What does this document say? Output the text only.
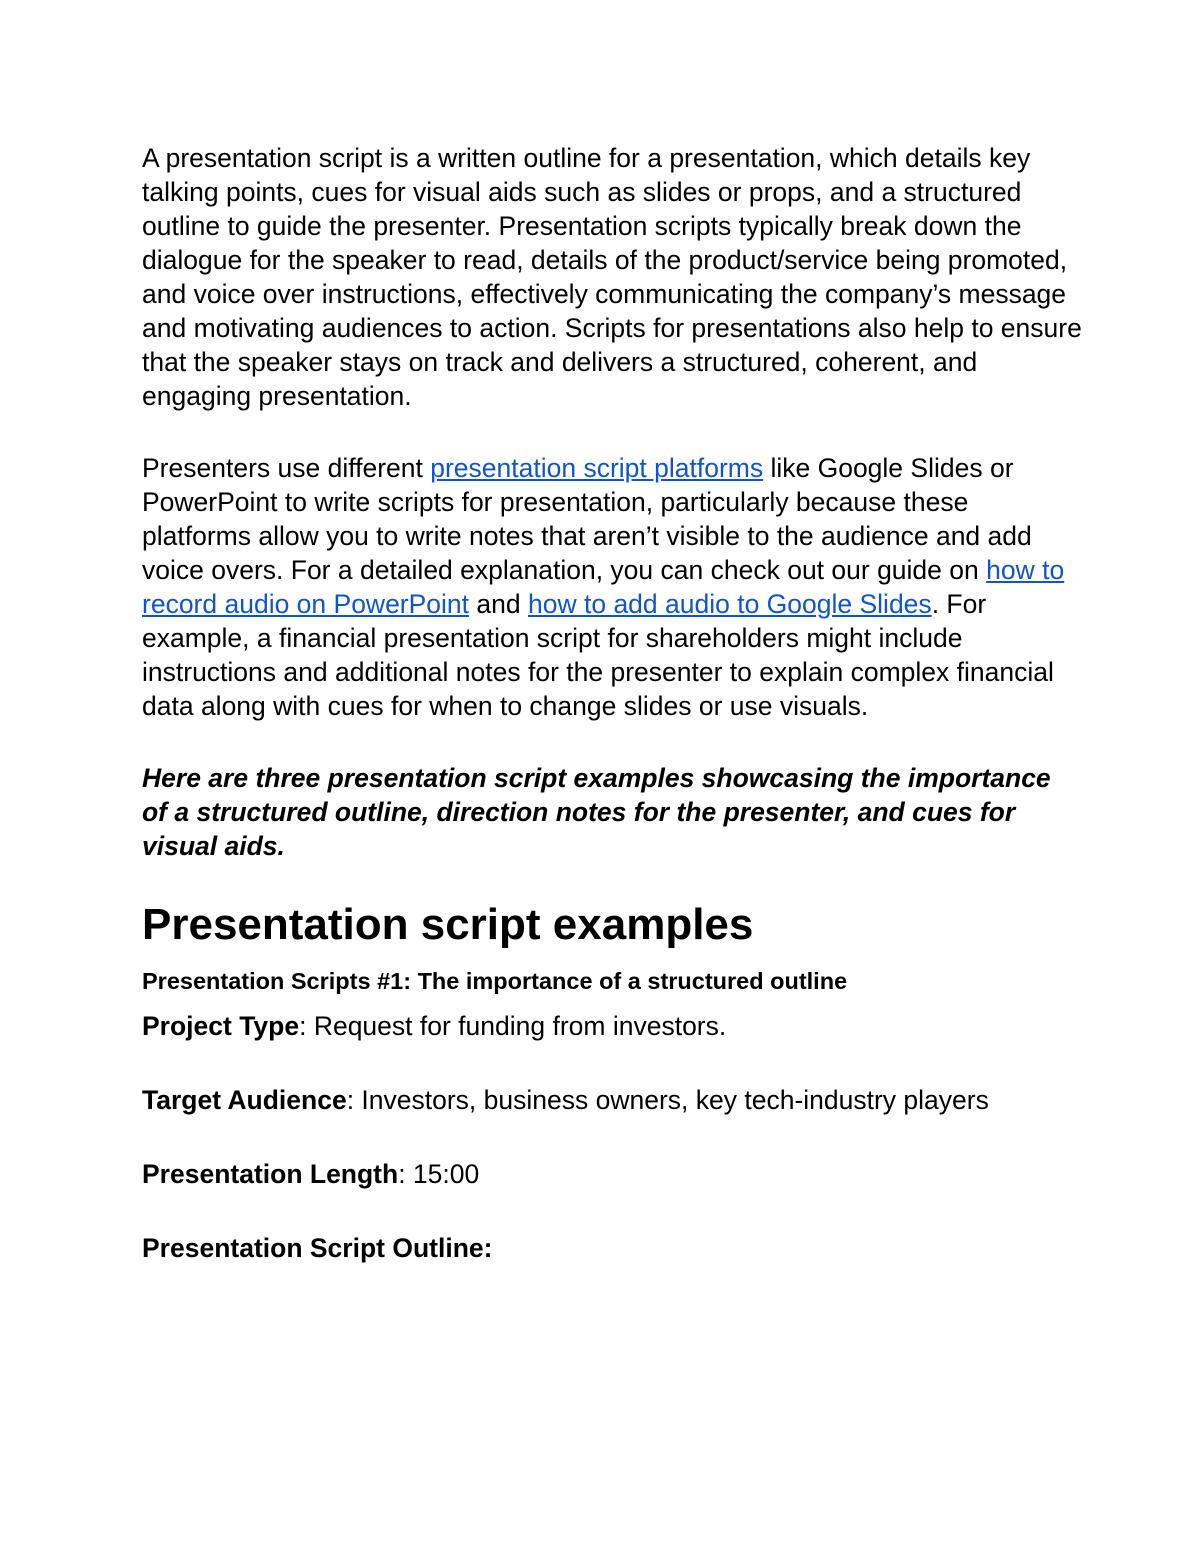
A presentation script is a written outline for a presentation, which details key talking points, cues for visual aids such as slides or props, and a structured outline to guide the presenter. Presentation scripts typically break down the dialogue for the speaker to read, details of the product/service being promoted, and voice over instructions, effectively communicating the company’s message and motivating audiences to action. Scripts for presentations also help to ensure that the speaker stays on track and delivers a structured, coherent, and engaging presentation.

Presenters use different presentation script platforms like Google Slides or PowerPoint to write scripts for presentation, particularly because these platforms allow you to write notes that aren’t visible to the audience and add voice overs. For a detailed explanation, you can check out our guide on how to record audio on PowerPoint and how to add audio to Google Slides. For example, a financial presentation script for shareholders might include instructions and additional notes for the presenter to explain complex financial data along with cues for when to change slides or use visuals.

Here are three presentation script examples showcasing the importance of a structured outline, direction notes for the presenter, and cues for visual aids.

Presentation script examples
Presentation Scripts #1: The importance of a structured outline

Project Type: Request for funding from investors.

Target Audience: Investors, business owners, key tech-industry players

Presentation Length: 15:00

Presentation Script Outline:
